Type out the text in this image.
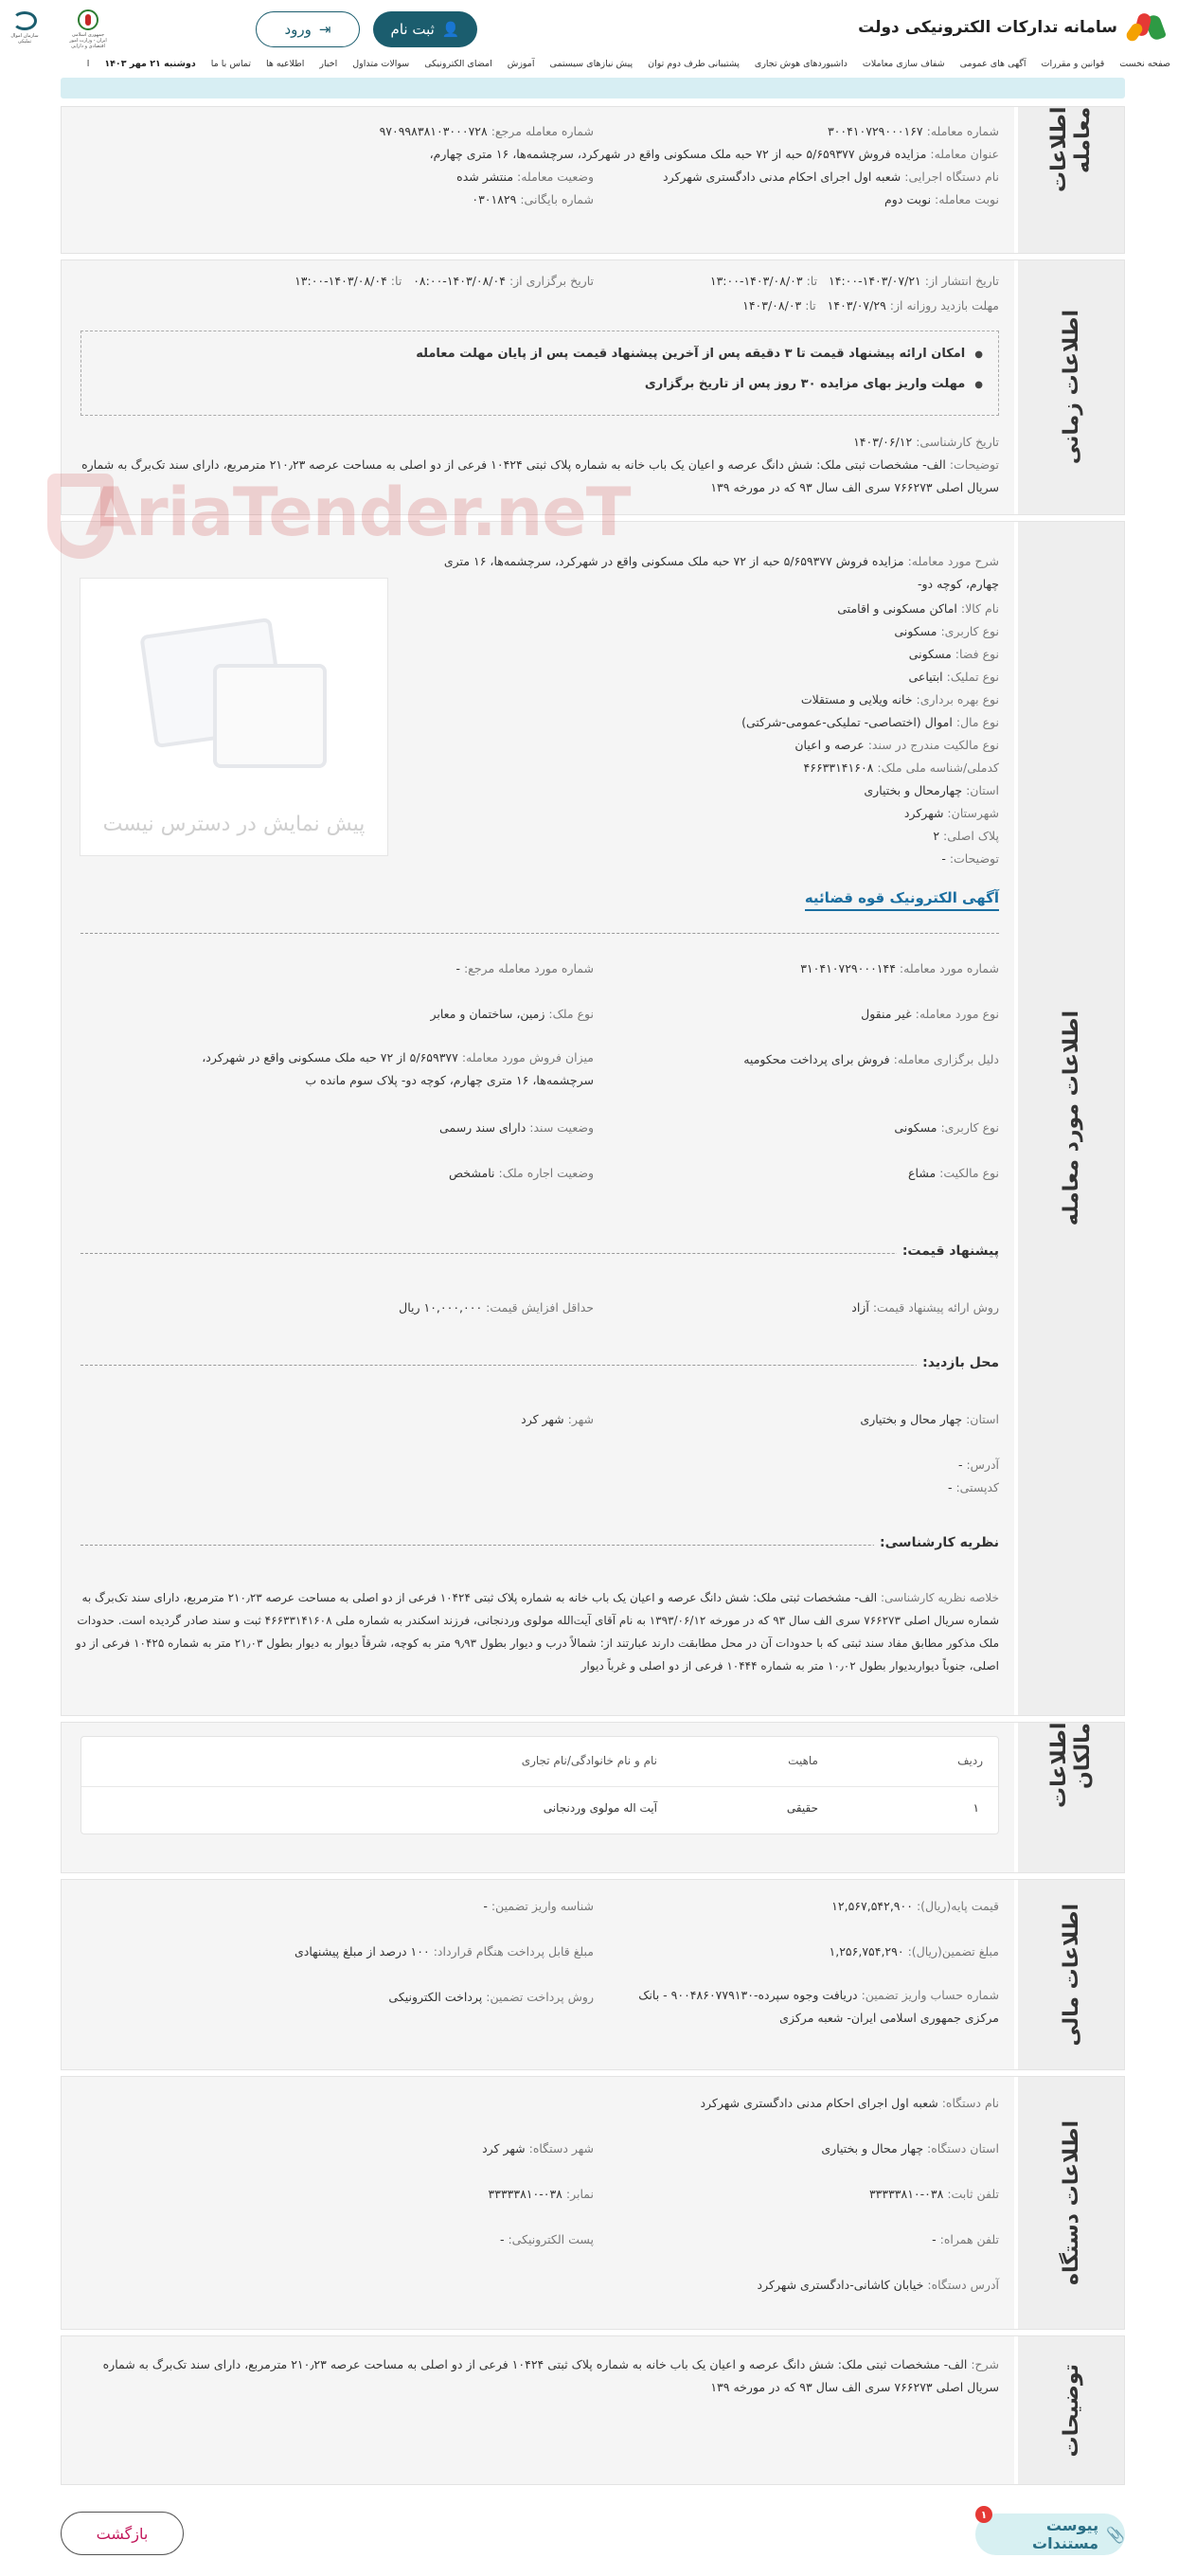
سامانه تدارکات الکترونیکی دولت
⇥
ورود	👤
ثبت نام
جمهوری اسلامی ایران - وزارت امور اقتصادی و دارایی
سازمان اموال تملیکی
صفحه نخست
قوانین و مقررات
آگهی های عمومی
شفاف سازی معاملات
داشبوردهای هوش تجاری
پشتیبانی طرف دوم توان
پیش نیازهای سیستمی
آموزش
امضای الکترونیکی
سوالات متداول
اخبار
اطلاعیه ها
تماس با ما
دوشنبه ۲۱ مهر ۱۴۰۳
ا
اطلاعات معامله
شماره معامله: ۳۰۰۴۱۰۷۲۹۰۰۰۱۶۷
شماره معامله مرجع: ۹۷۰۹۹۸۳۸۱۰۳۰۰۰۷۲۸
عنوان معامله: مزایده فروش ۵/۶۵۹۳۷۷ حبه از ۷۲ حبه ملک مسکونی واقع در شهرکرد، سرچشمه‌ها، ۱۶ متری چهارم،
نام دستگاه اجرایی: شعبه اول اجرای احکام مدنی دادگستری شهرکرد
وضعیت معامله: منتشر شده
نوبت معامله: نوبت دوم
شماره بایگانی: ۰۳۰۱۸۲۹
اطلاعات زمانی
تاریخ انتشار از: ۱۴۰۳/۰۷/۲۱-۱۴:۰۰   تا: ۱۴۰۳/۰۸/۰۳-۱۳:۰۰
تاریخ برگزاری از: ۱۴۰۳/۰۸/۰۴-۰۸:۰۰   تا: ۱۴۰۳/۰۸/۰۴-۱۳:۰۰
مهلت بازدید روزانه از: ۱۴۰۳/۰۷/۲۹   تا: ۱۴۰۳/۰۸/۰۳
● امکان ارائه پیشنهاد قیمت تا ۳ دقیقه پس از آخرین پیشنهاد قیمت پس از پایان مهلت معامله
● مهلت واریز بهای مزایده ۳۰ روز پس از تاریخ برگزاری
تاریخ کارشناسی: ۱۴۰۳/۰۶/۱۲
توضیحات: الف- مشخصات ثبتی ملک: شش دانگ عرصه و اعیان یک باب خانه به شماره پلاک ثبتی ۱۰۴۲۴ فرعی از دو اصلی به مساحت عرصه ۲۱۰٫۲۳ مترمربع، دارای سند تک‌برگ به شماره سریال اصلی ۷۶۶۲۷۳ سری الف سال ۹۳ که در مورخه ۱۳۹
اطلاعات مورد معامله
شرح مورد معامله: مزایده فروش ۵/۶۵۹۳۷۷ حبه از ۷۲ حبه ملک مسکونی واقع در شهرکرد، سرچشمه‌ها، ۱۶ متری چهارم، کوچه دو-
نام کالا: اماکن مسکونی و اقامتی
نوع کاربری: مسکونی
نوع فضا: مسکونی
نوع تملیک: ابتیاعی
نوع بهره برداری: خانه ویلایی و مستقلات
نوع مال: اموال (اختصاصی- تملیکی-عمومی-شرکتی)
نوع مالکیت مندرج در سند: عرصه و اعیان
کدملی/شناسه ملی ملک: ۴۶۶۳۳۱۴۱۶۰۸
استان: چهارمحال و بختیاری
شهرستان: شهرکرد
پلاک اصلی: ۲
توضیحات: -
آگهی الکترونیک قوه قضائیه
شماره مورد معامله: ۳۱۰۴۱۰۷۲۹۰۰۰۱۴۴
شماره مورد معامله مرجع: -
نوع مورد معامله: غیر منقول
نوع ملک: زمین، ساختمان و معابر
دلیل برگزاری معامله: فروش برای پرداخت محکومیه
میزان فروش مورد معامله: ۵/۶۵۹۳۷۷ از ۷۲ حبه ملک مسکونی واقع در شهرکرد، سرچشمه‌ها، ۱۶ متری چهارم، کوچه دو- پلاک سوم مانده ب
نوع کاربری: مسکونی
وضعیت سند: دارای سند رسمی
نوع مالکیت: مشاع
وضعیت اجاره ملک: نامشخص
پیشنهاد قیمت:
روش ارائه پیشنهاد قیمت: آزاد
حداقل افزایش قیمت: ۱۰,۰۰۰,۰۰۰ ریال
محل بازدید:
استان: چهار محال و بختیاری
شهر: شهر کرد
آدرس: -
کدپستی: -
نظریه کارشناسی:
خلاصه نظریه کارشناسی: الف- مشخصات ثبتی ملک: شش دانگ عرصه و اعیان یک باب خانه به شماره پلاک ثبتی ۱۰۴۲۴ فرعی از دو اصلی به مساحت عرصه ۲۱۰٫۲۳ مترمربع، دارای سند تک‌برگ به شماره سریال اصلی ۷۶۶۲۷۳ سری الف سال ۹۳ که در مورخه ۱۳۹۳/۰۶/۱۲ به نام آقای آیت‌الله مولوی وردنجانی، فرزند اسکندر به شماره ملی ۴۶۶۳۳۱۴۱۶۰۸ ثبت و سند صادر گردیده است. حدودات ملک مذکور مطابق مفاد سند ثبتی که با حدودات آن در محل مطابقت دارند عبارتند از: شمالاً درب و دیوار بطول ۹٫۹۳ متر به کوچه، شرقاً دیوار به دیوار بطول ۲۱٫۰۳ متر به شماره ۱۰۴۲۵ فرعی از دو اصلی، جنوباً دیوار‌بدیوار بطول ۱۰٫۰۲ متر به شماره ۱۰۴۴۴ فرعی از دو اصلی و غرباً دیوار
AriaTender.neT
پیش نمایش در دسترس نیست
اطلاعات مالکان
ردیف
ماهیت
نام و نام خانوادگی/نام تجاری
۱
حقیقی
آیت اله مولوی وردنجانی
اطلاعات مالی
قیمت پایه(ریال): ۱۲,۵۶۷,۵۴۲,۹۰۰
شناسه واریز تضمین: -
مبلغ تضمین(ریال): ۱,۲۵۶,۷۵۴,۲۹۰
مبلغ قابل پرداخت هنگام قرارداد: ۱۰۰ درصد از مبلغ پیشنهادی
شماره حساب واریز تضمین: دریافت وجوه سپرده-۹۰۰۴۸۶۰۷۷۹۱۳۰ - بانک مرکزی جمهوری اسلامی ایران- شعبه مرکزی
روش پرداخت تضمین: پرداخت الکترونیکی
اطلاعات دستگاه
نام دستگاه: شعبه اول اجرای احکام مدنی دادگستری شهرکرد
استان دستگاه: چهار محال و بختیاری
شهر دستگاه: شهر کرد
تلفن ثابت: ۰۳۸-۳۳۳۳۳۸۱۰
نمابر: ۰۳۸-۳۳۳۳۳۸۱۰
تلفن همراه: -
پست الکترونیکی: -
آدرس دستگاه: خیابان کاشانی-دادگستری شهرکرد
توضیحات
شرح: الف- مشخصات ثبتی ملک: شش دانگ عرصه و اعیان یک باب خانه به شماره پلاک ثبتی ۱۰۴۲۴ فرعی از دو اصلی به مساحت عرصه ۲۱۰٫۲۳ مترمربع، دارای سند تک‌برگ به شماره سریال اصلی ۷۶۶۲۷۳ سری الف سال ۹۳ که در مورخه ۱۳۹
📎
پیوست مستندات
۱
بازگشت
